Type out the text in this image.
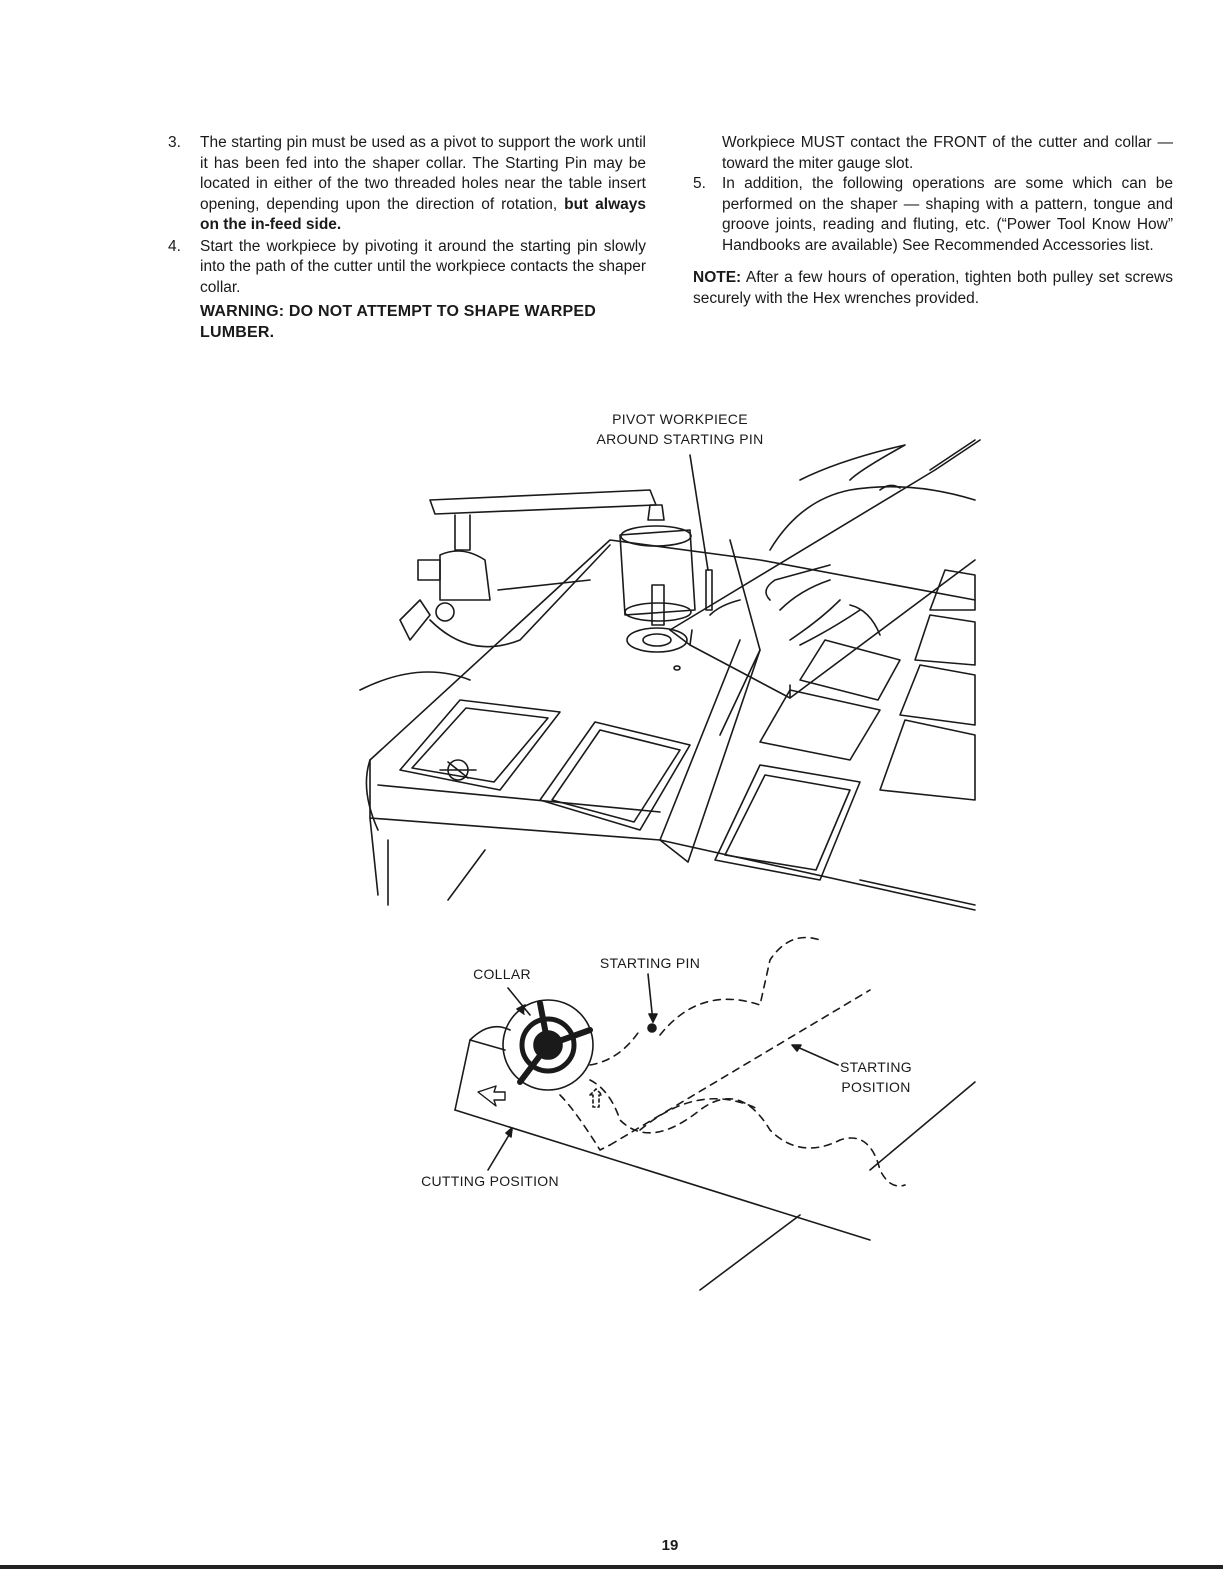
3.	The starting pin must be used as a pivot to support the work until it has been fed into the shaper collar. The Starting Pin may be located in either of the two threaded holes near the table insert opening, depending upon the direction of rotation, but always on the in-feed side.
4.	Start the workpiece by pivoting it around the starting pin slowly into the path of the cutter until the workpiece contacts the shaper collar.
WARNING: DO NOT ATTEMPT TO SHAPE WARPED LUMBER.
Workpiece MUST contact the FRONT of the cutter and collar — toward the miter gauge slot.
5.	In addition, the following operations are some which can be performed on the shaper — shaping with a pattern, tongue and groove joints, reading and fluting, etc. (“Power Tool Know How” Handbooks are available) See Recommended Accessories list.
NOTE: After a few hours of operation, tighten both pulley set screws securely with the Hex wrenches provided.
PIVOT WORKPIECE
AROUND STARTING PIN
STARTING PIN
COLLAR
STARTING
POSITION
CUTTING POSITION
19
